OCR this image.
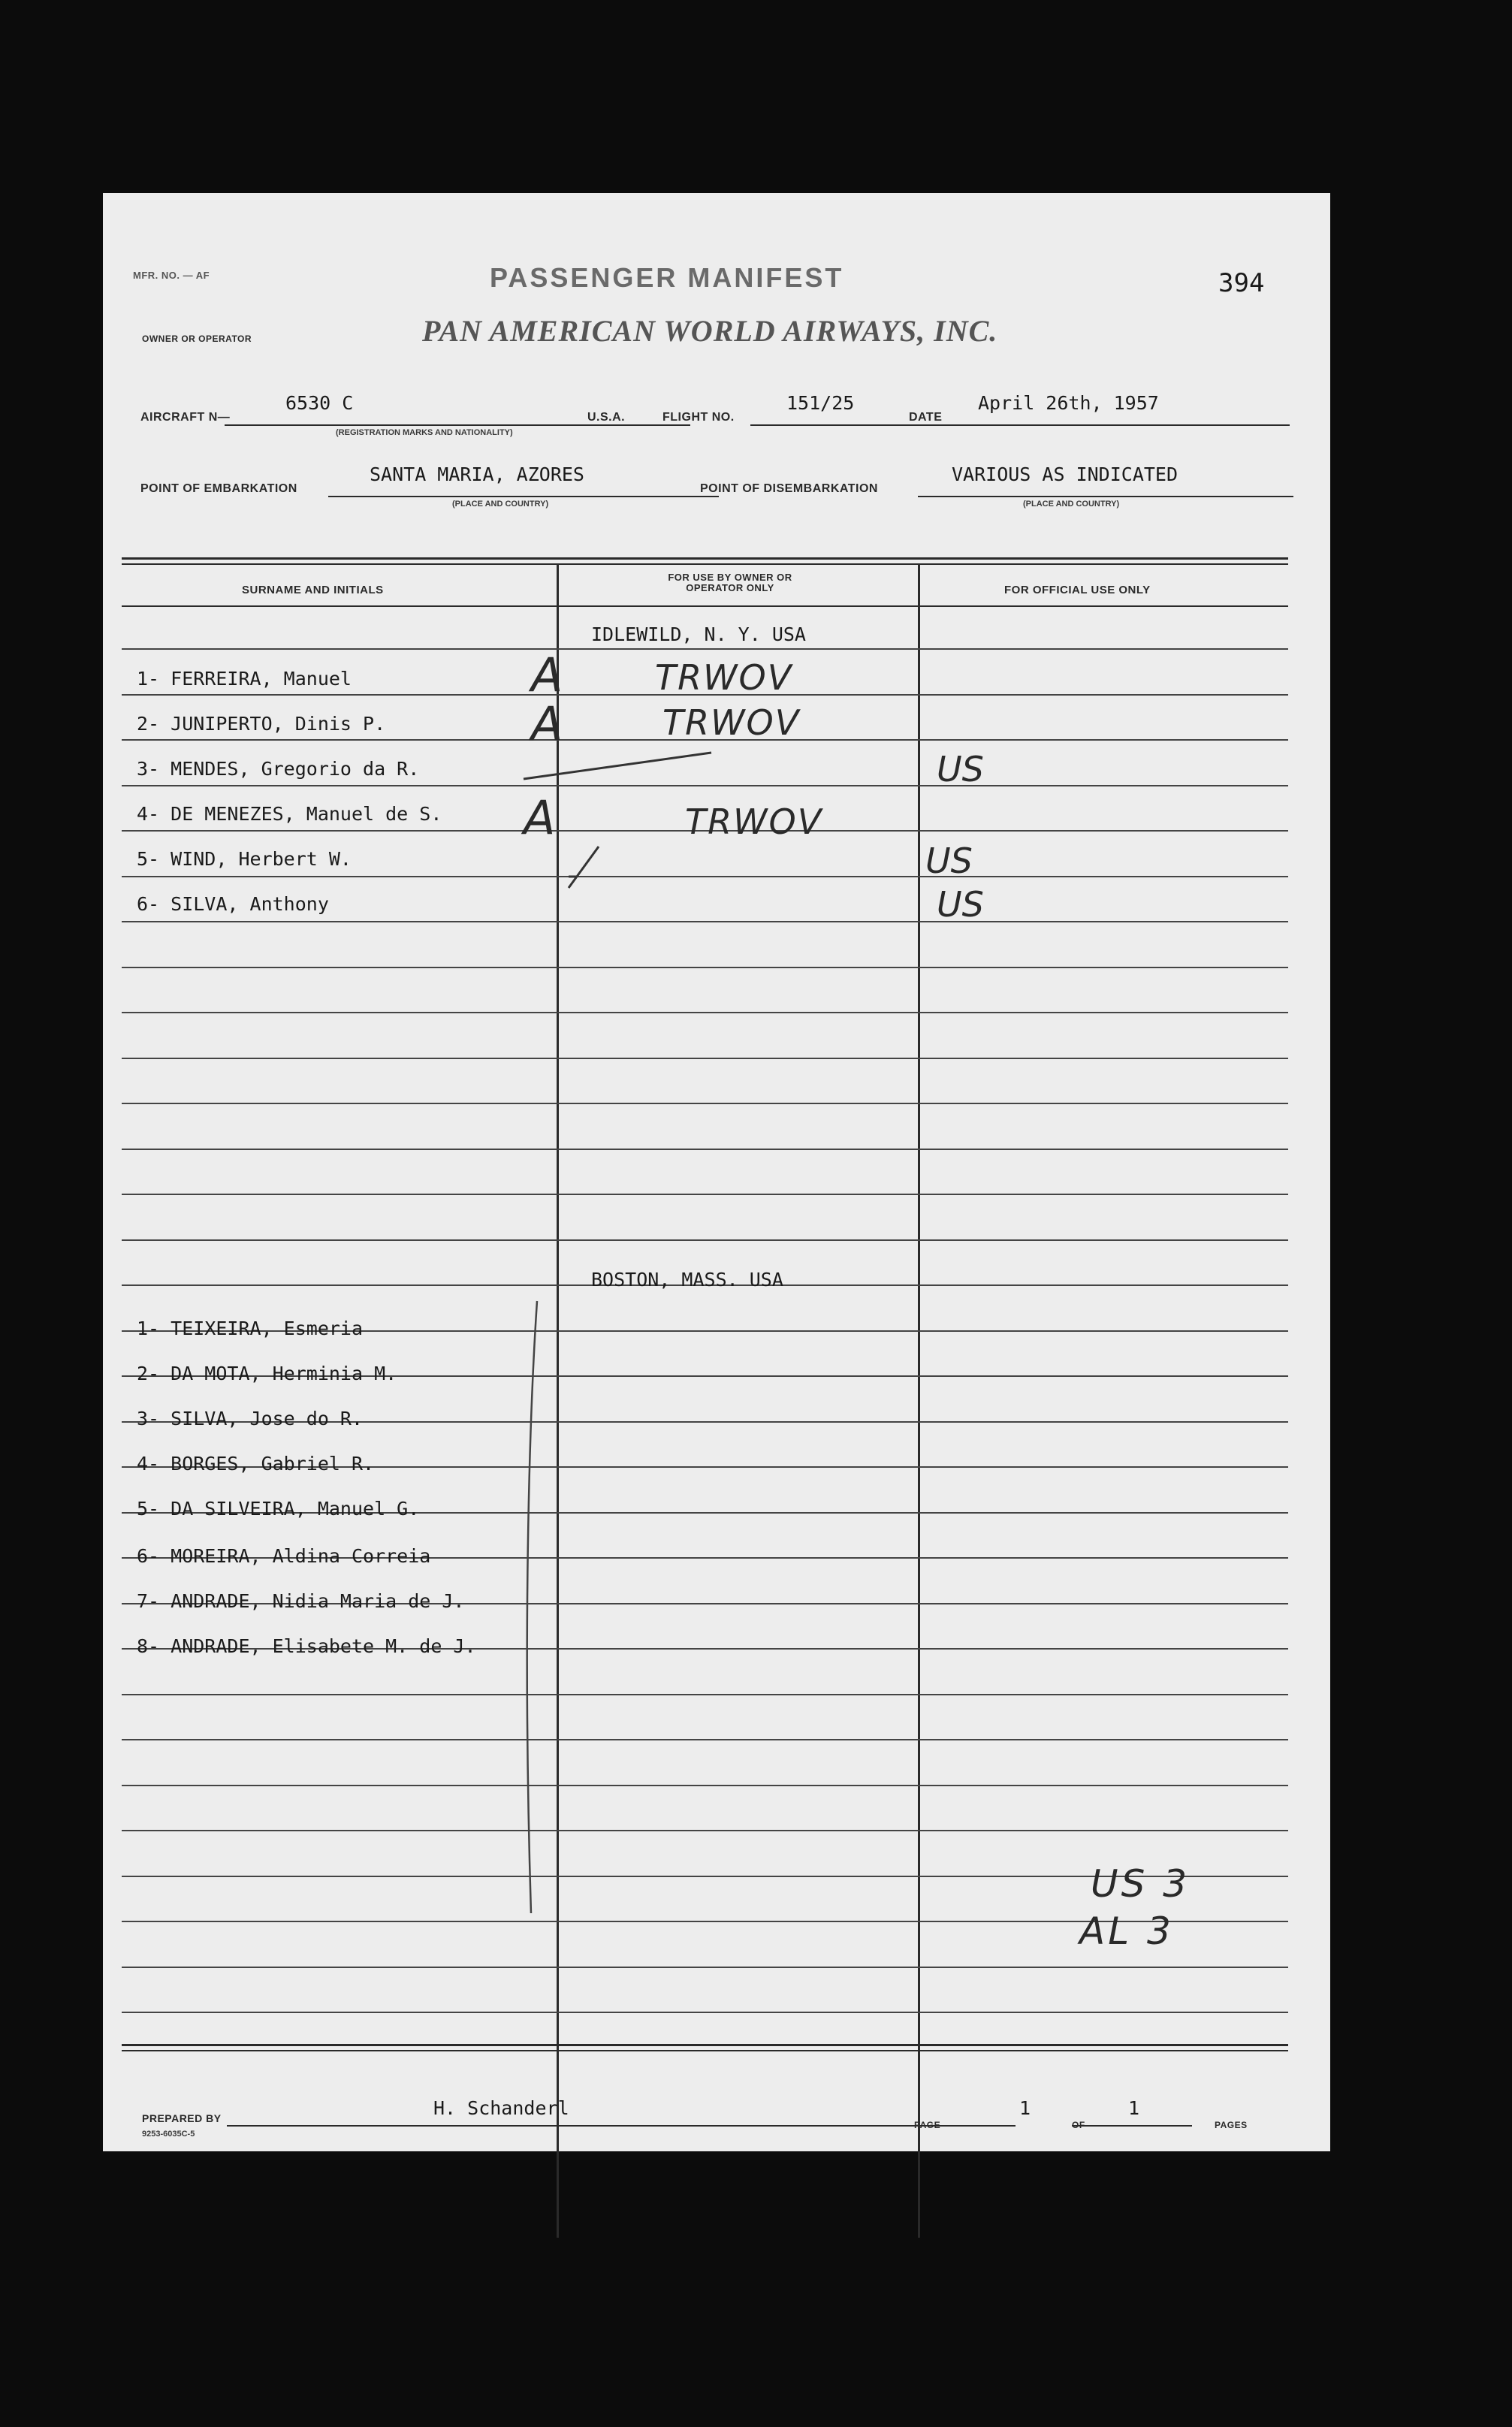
MFR. NO. — AF
OWNER OR OPERATOR
PASSENGER MANIFEST
PAN AMERICAN WORLD AIRWAYS, INC.
394
AIRCRAFT N—
6530 C
(REGISTRATION MARKS AND NATIONALITY)
U.S.A.	FLIGHT NO.
151/25
DATE
April 26th, 1957
POINT OF EMBARKATION
SANTA MARIA, AZORES
(PLACE AND COUNTRY)
POINT OF DISEMBARKATION
VARIOUS AS INDICATED
(PLACE AND COUNTRY)
SURNAME AND INITIALS
FOR USE BY OWNER OR OPERATOR ONLY	FOR OFFICIAL USE ONLY
IDLEWILD, N. Y. USA
1- FERREIRA, Manuel
2- JUNIPERTO, Dinis P.
3- MENDES, Gregorio da R.
4- DE MENEZES, Manuel de S.
5- WIND, Herbert W.
6- SILVA, Anthony
A
A
A
TRWOV
TRWOV
TRWOV
US
US
US
BOSTON, MASS. USA
1- TEIXEIRA, Esmeria
2- DA MOTA, Herminia M.
3- SILVA, Jose do R.
4- BORGES, Gabriel R.
5- DA SILVEIRA, Manuel G.
6- MOREIRA, Aldina Correia
7- ANDRADE, Nidia Maria de J.
8- ANDRADE, Elisabete M. de J.
US 3
AL 3
PREPARED BY
9253-6035C-5
H. Schanderl
PAGE
1
OF
1
PAGES
